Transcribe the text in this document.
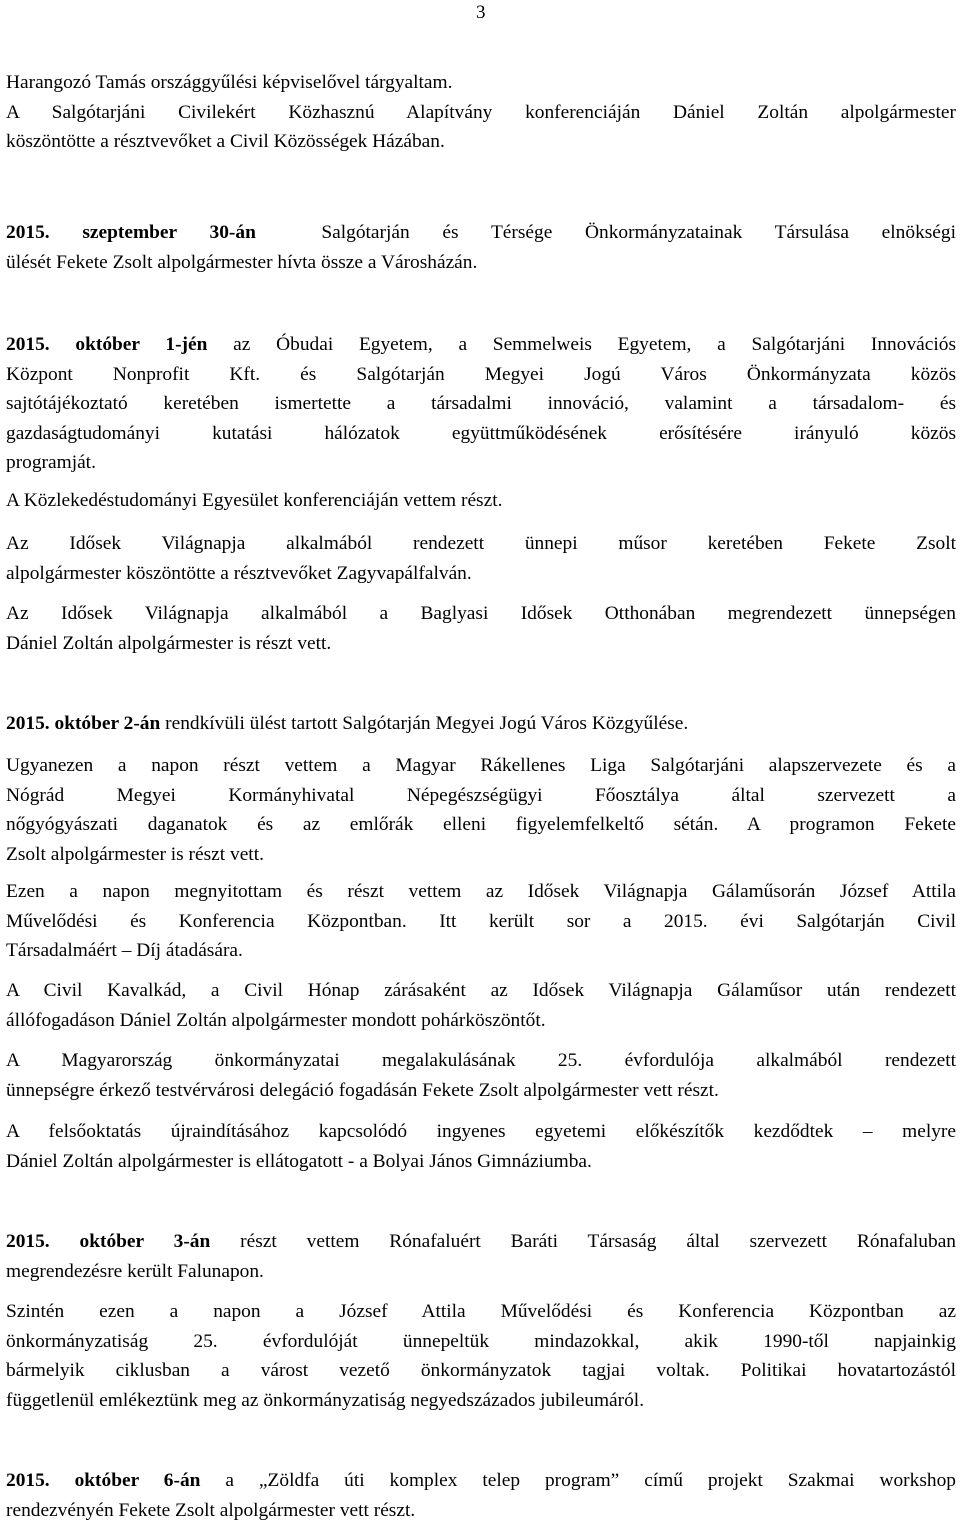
3
Harangozó Tamás országgyűlési képviselővel tárgyaltam.
A Salgótarjáni Civilekért Közhasznú Alapítvány konferenciáján Dániel Zoltán alpolgármester
köszöntötte a résztvevőket a Civil Közösségek Házában.
2015. szeptember 30-án	Salgótarján és Térsége Önkormányzatainak Társulása elnökségi
ülését Fekete Zsolt alpolgármester hívta össze a Városházán.
2015. október 1-jén az Óbudai Egyetem, a Semmelweis Egyetem, a Salgótarjáni Innovációs
Központ Nonprofit Kft. és Salgótarján Megyei Jogú Város Önkormányzata közös
sajtótájékoztató keretében ismertette a társadalmi innováció, valamint a társadalom- és
gazdaságtudományi kutatási hálózatok együttműködésének erősítésére irányuló közös
programját.
A Közlekedéstudományi Egyesület konferenciáján vettem részt.
Az Idősek Világnapja alkalmából rendezett ünnepi műsor keretében Fekete Zsolt
alpolgármester köszöntötte a résztvevőket Zagyvapálfalván.
Az Idősek Világnapja alkalmából a Baglyasi Idősek Otthonában megrendezett ünnepségen
Dániel Zoltán alpolgármester is részt vett.
2015. október 2-án rendkívüli ülést tartott Salgótarján Megyei Jogú Város Közgyűlése.
Ugyanezen a napon részt vettem a Magyar Rákellenes Liga Salgótarjáni alapszervezete és a
Nógrád Megyei Kormányhivatal Népegészségügyi Főosztálya által szervezett a
nőgyógyászati daganatok és az emlőrák elleni figyelemfelkeltő sétán. A programon Fekete
Zsolt alpolgármester is részt vett.
Ezen a napon megnyitottam és részt vettem az Idősek Világnapja Gálaműsorán József Attila
Művelődési és Konferencia Központban. Itt került sor a 2015. évi Salgótarján Civil
Társadalmáért – Díj átadására.
A Civil Kavalkád, a Civil Hónap zárásaként az Idősek Világnapja Gálaműsor után rendezett
állófogadáson Dániel Zoltán alpolgármester mondott pohárköszöntőt.
A Magyarország önkormányzatai megalakulásának 25. évfordulója alkalmából rendezett
ünnepségre érkező testvérvárosi delegáció fogadásán Fekete Zsolt alpolgármester vett részt.
A felsőoktatás újraindításához kapcsolódó ingyenes egyetemi előkészítők kezdődtek – melyre
Dániel Zoltán alpolgármester is ellátogatott - a Bolyai János Gimnáziumba.
2015. október 3-án részt vettem Rónafaluért Baráti Társaság által szervezett Rónafaluban
megrendezésre került Falunapon.
Szintén ezen a napon a József Attila Művelődési és Konferencia Központban az
önkormányzatiság 25. évfordulóját ünnepeltük mindazokkal, akik 1990-től napjainkig
bármelyik ciklusban a várost vezető önkormányzatok tagjai voltak. Politikai hovatartozástól
függetlenül emlékeztünk meg az önkormányzatiság negyedszázados jubileumáról.
2015. október 6-án a „Zöldfa úti komplex telep program” című projekt Szakmai workshop
rendezvényén Fekete Zsolt alpolgármester vett részt.
